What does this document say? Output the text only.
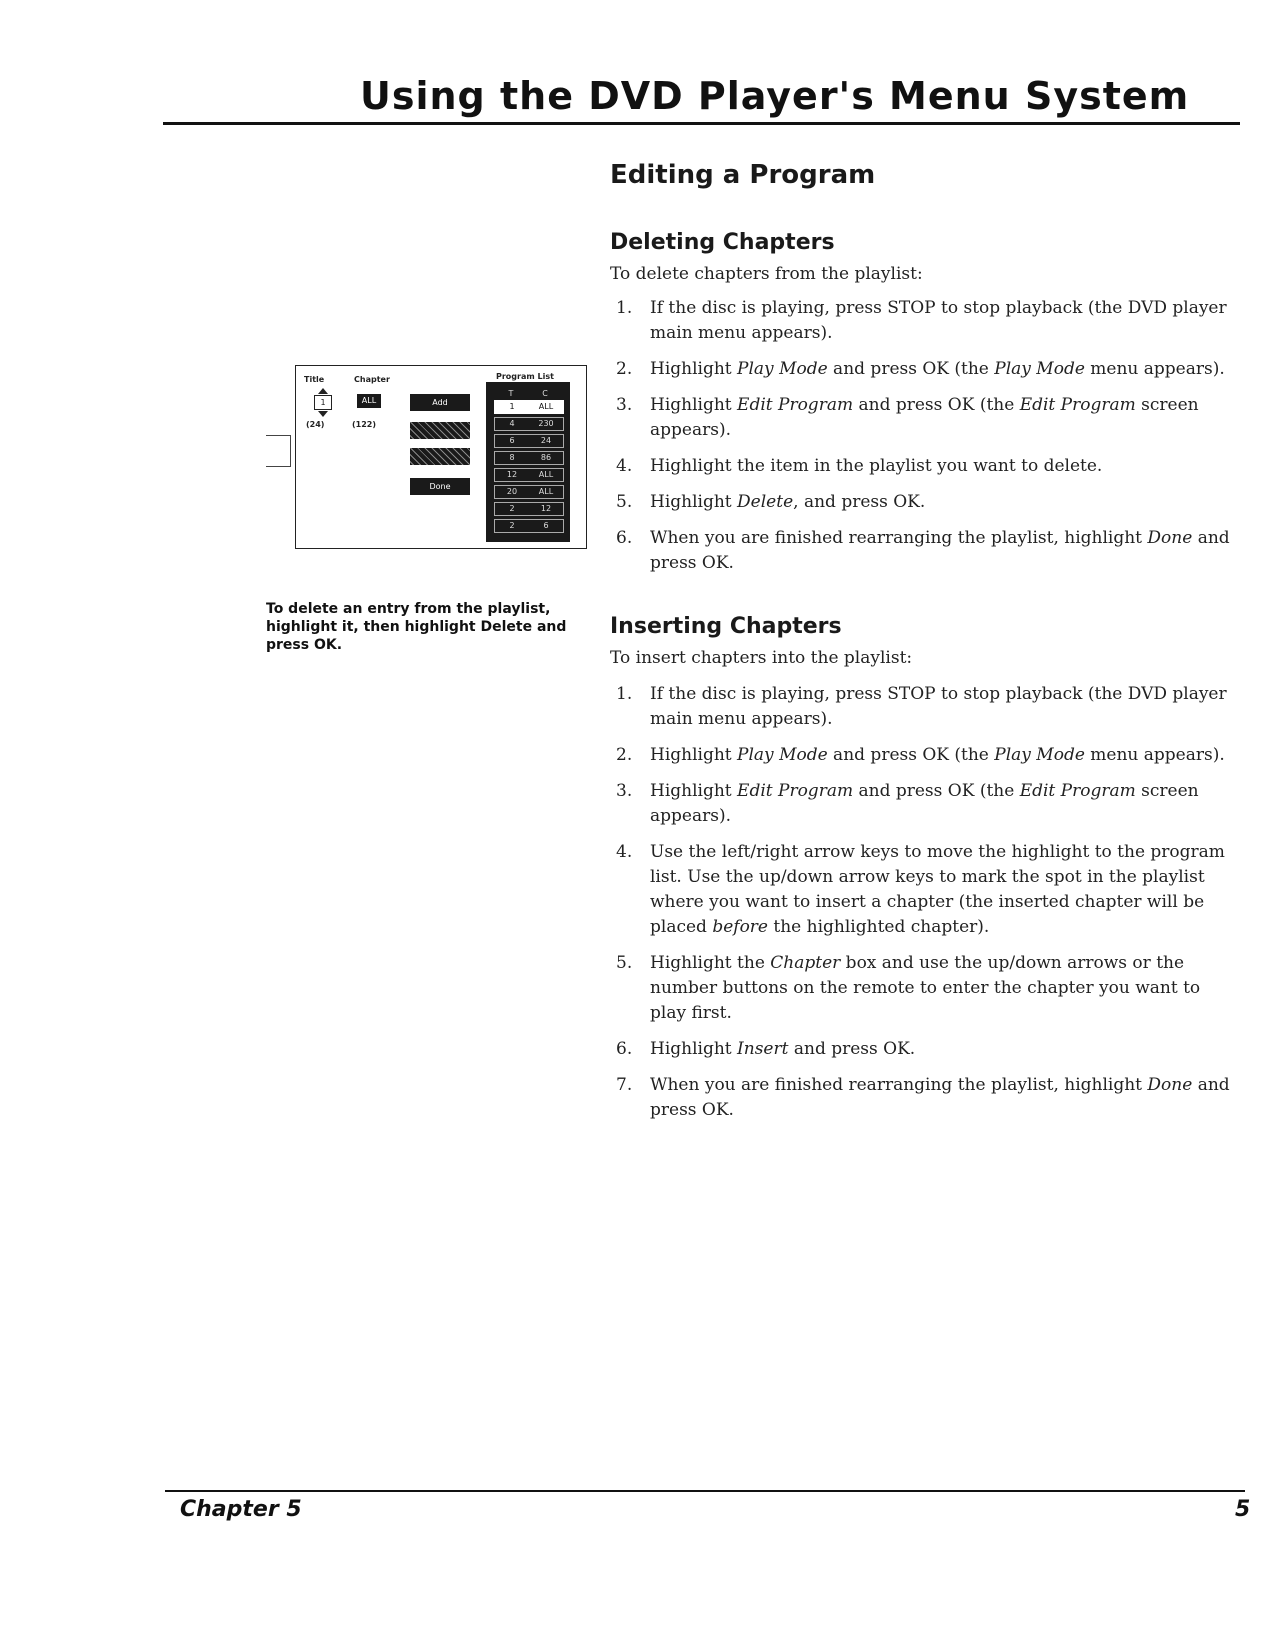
Using the DVD Player's Menu System
Editing a Program
Deleting Chapters
To delete chapters from the playlist:
1. If the disc is playing, press STOP to stop playback (the DVD player main menu appears).
2. Highlight Play Mode and press OK (the Play Mode menu appears).
3. Highlight Edit Program and press OK (the Edit Program screen appears).
4. Highlight the item in the playlist you want to delete.
5. Highlight Delete, and press OK.
6. When you are finished rearranging the playlist, highlight Done and press OK.
Inserting Chapters
To insert chapters into the playlist:
1. If the disc is playing, press STOP to stop playback (the DVD player main menu appears).
2. Highlight Play Mode and press OK (the Play Mode menu appears).
3. Highlight Edit Program and press OK (the Edit Program screen appears).
4. Use the left/right arrow keys to move the highlight to the program list. Use the up/down arrow keys to mark the spot in the playlist where you want to insert a chapter (the inserted chapter will be placed before the highlighted chapter).
5. Highlight the Chapter box and use the up/down arrows or the number buttons on the remote to enter the chapter you want to play first.
6. Highlight Insert and press OK.
7. When you are finished rearranging the playlist, highlight Done and press OK.
Title	Chapter	Program List
1
(24)
ALL
(122)
Add
Done
T	C
1	ALL
4	230
6	24
8	86
12	ALL
20	ALL
2	12
2	6
To delete an entry from the playlist, highlight it, then highlight Delete and press OK.
Chapter 5	5
